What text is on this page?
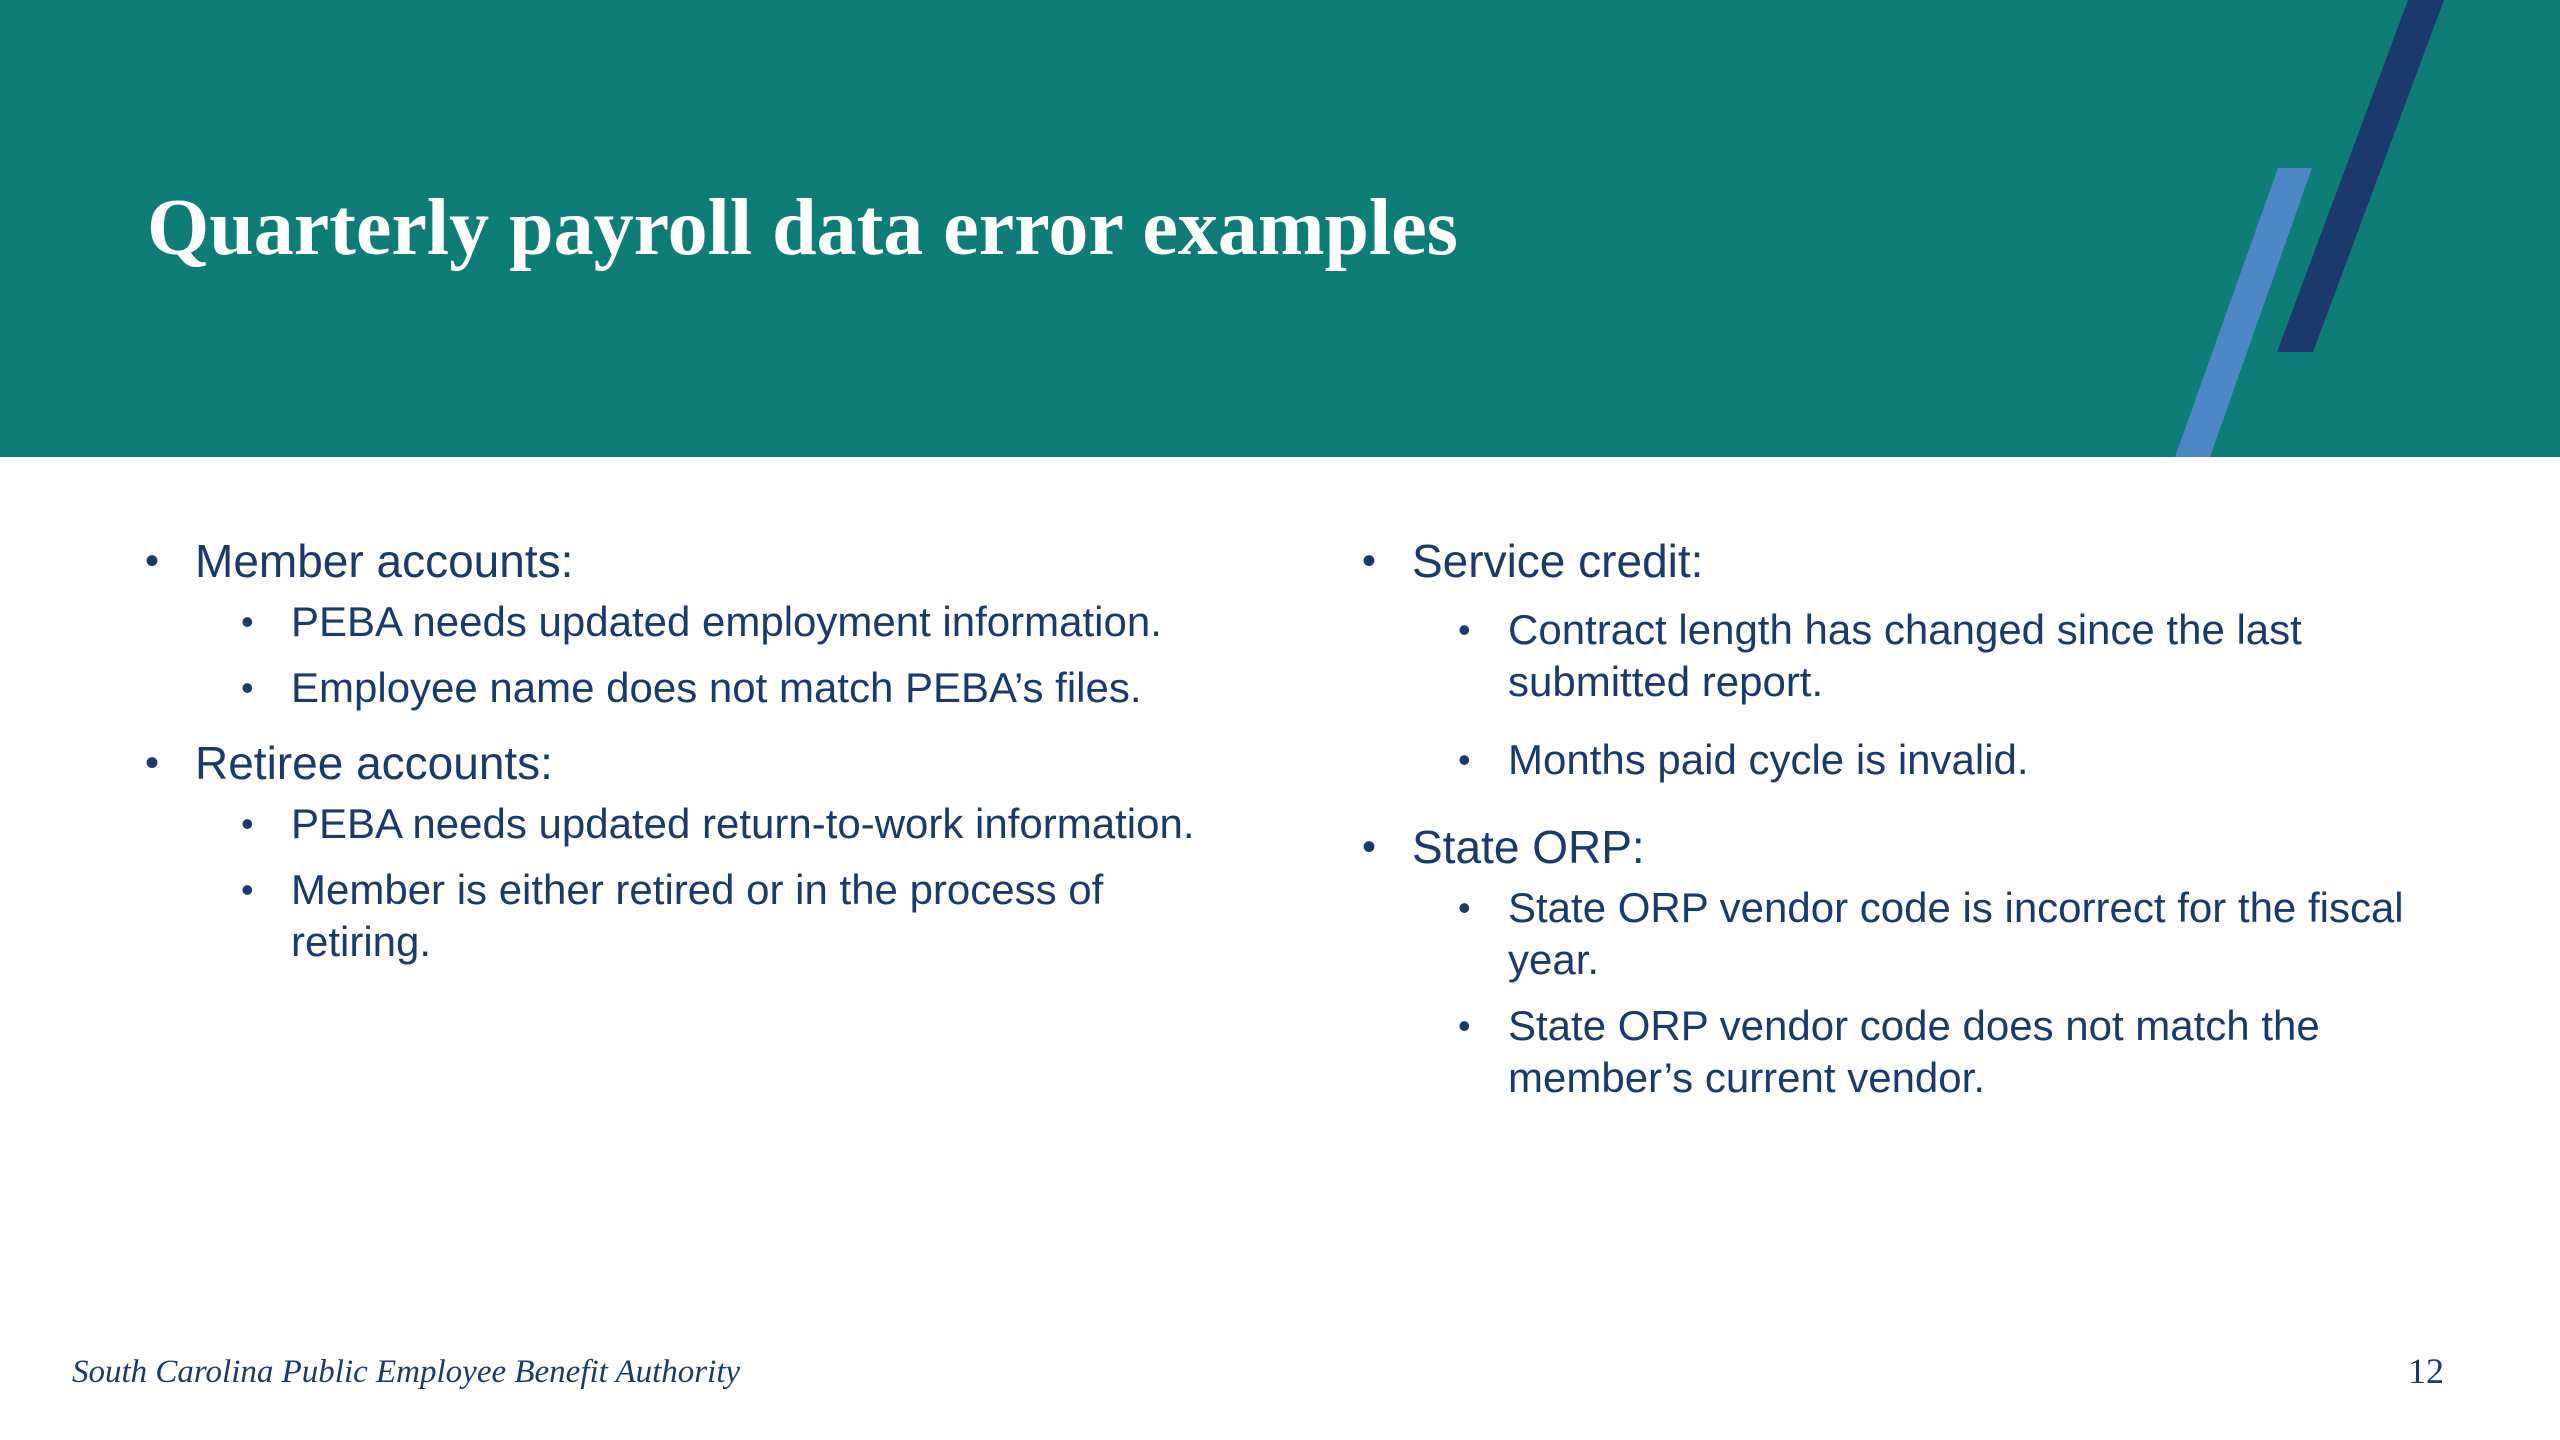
Quarterly payroll data error examples
• Member accounts:
• PEBA needs updated employment information.
• Employee name does not match PEBA’s files.
• Retiree accounts:
• PEBA needs updated return-to-work information.
• Member is either retired or in the process of retiring.
• Service credit:
• Contract length has changed since the last submitted report.
• Months paid cycle is invalid.
• State ORP:
• State ORP vendor code is incorrect for the fiscal year.
• State ORP vendor code does not match the member’s current vendor.
South Carolina Public Employee Benefit Authority	12
